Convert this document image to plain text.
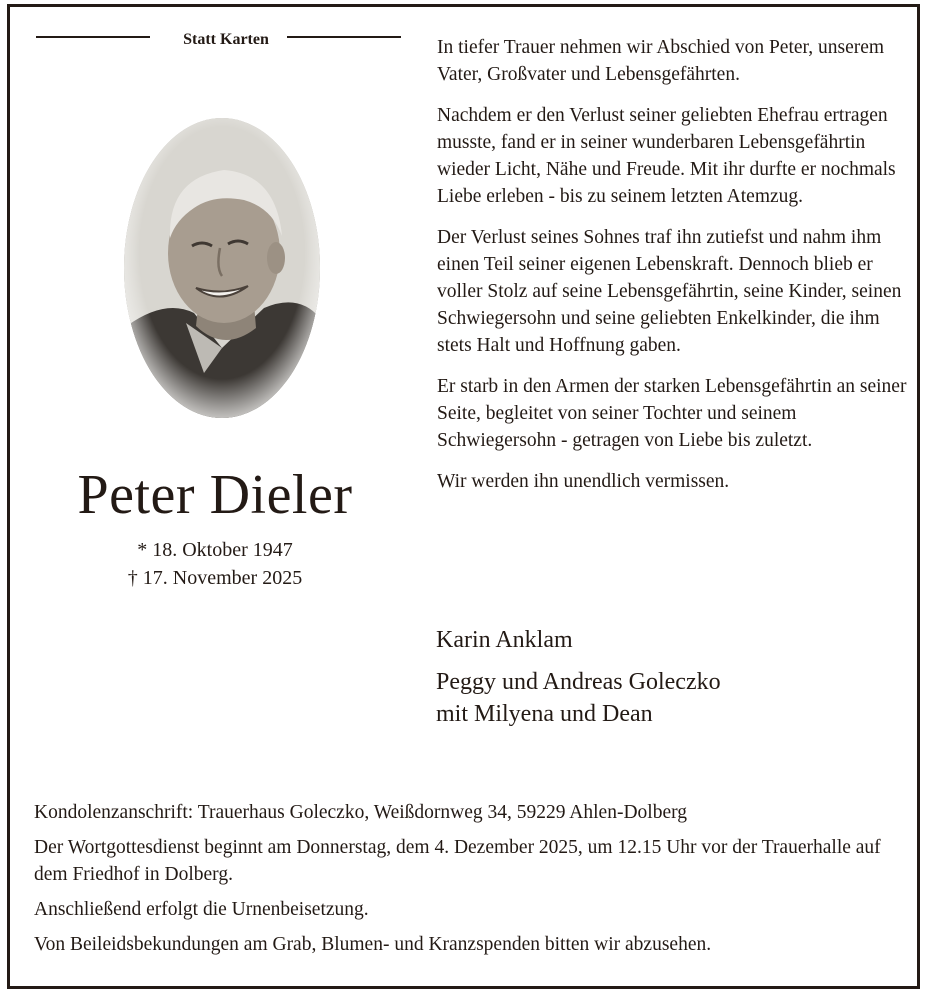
Statt Karten
Peter Dieler
* 18. Oktober 1947
† 17. November 2025

In tiefer Trauer nehmen wir Abschied von Peter, unserem Vater, Großvater und Lebensgefährten.

Nachdem er den Verlust seiner geliebten Ehefrau ertragen musste, fand er in seiner wunderbaren Lebensgefährtin wieder Licht, Nähe und Freude. Mit ihr durfte er nochmals Liebe erleben - bis zu seinem letzten Atemzug.

Der Verlust seines Sohnes traf ihn zutiefst und nahm ihm einen Teil seiner eigenen Lebenskraft. Dennoch blieb er voller Stolz auf seine Lebensgefährtin, seine Kinder, seinen Schwiegersohn und seine geliebten Enkelkinder, die ihm stets Halt und Hoffnung gaben.

Er starb in den Armen der starken Lebensgefährtin an seiner Seite, begleitet von seiner Tochter und seinem Schwiegersohn - getragen von Liebe bis zuletzt.

Wir werden ihn unendlich vermissen.

Karin Anklam
Peggy und Andreas Goleczko
mit Milyena und Dean

Kondolenzanschrift: Trauerhaus Goleczko, Weißdornweg 34, 59229 Ahlen-Dolberg

Der Wortgottesdienst beginnt am Donnerstag, dem 4. Dezember 2025, um 12.15 Uhr vor der Trauerhalle auf dem Friedhof in Dolberg.

Anschließend erfolgt die Urnenbeisetzung.

Von Beileidsbekundungen am Grab, Blumen- und Kranzspenden bitten wir abzusehen.
